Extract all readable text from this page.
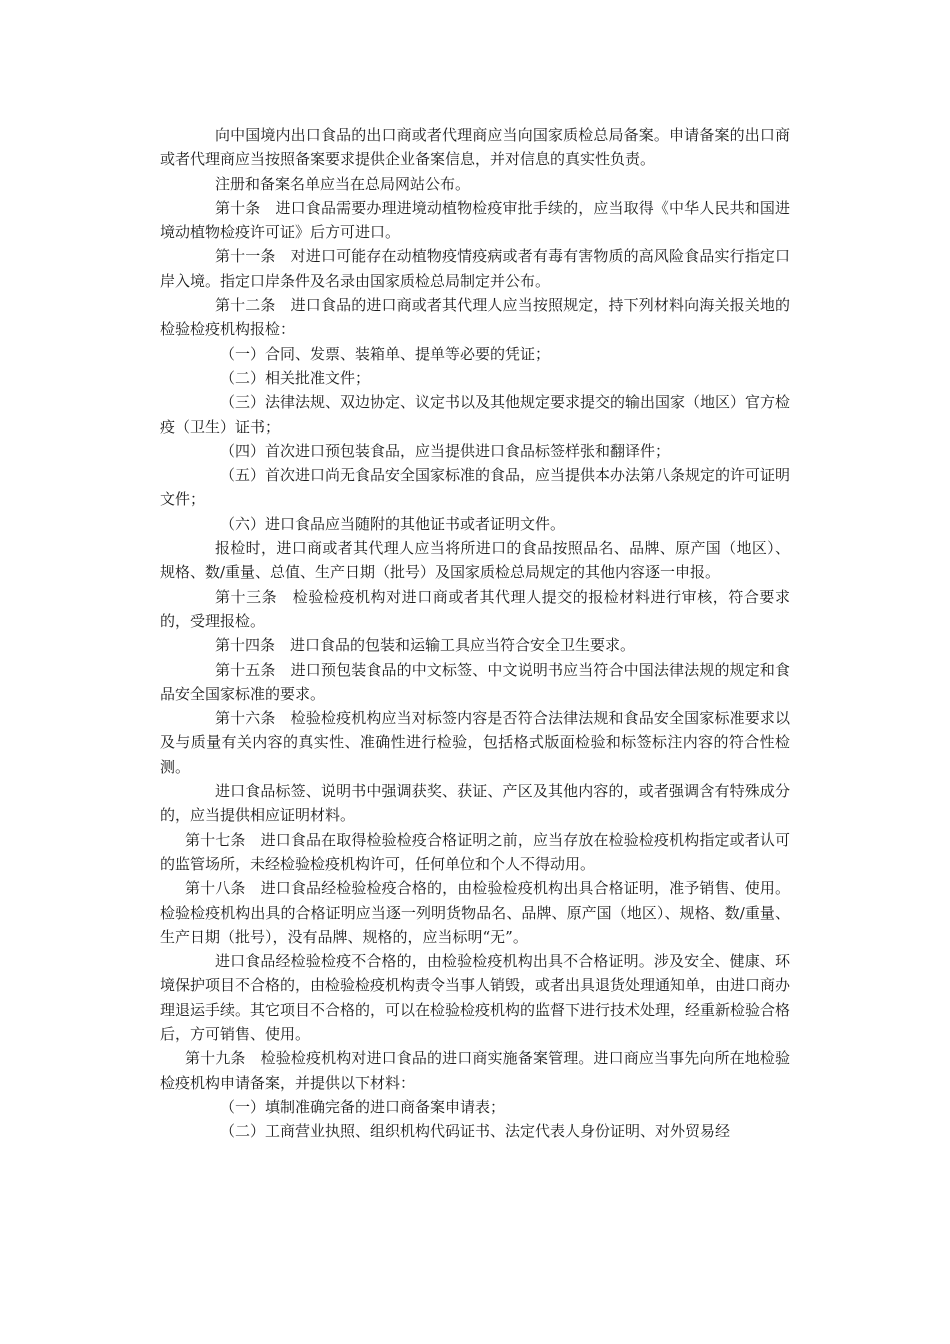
向中国境内出口食品的出口商或者代理商应当向国家质检总局备案。申请备案的出口商或者代理商应当按照备案要求提供企业备案信息，并对信息的真实性负责。

注册和备案名单应当在总局网站公布。

第十条　进口食品需要办理进境动植物检疫审批手续的，应当取得《中华人民共和国进境动植物检疫许可证》后方可进口。

第十一条　对进口可能存在动植物疫情疫病或者有毒有害物质的高风险食品实行指定口岸入境。指定口岸条件及名录由国家质检总局制定并公布。

第十二条　进口食品的进口商或者其代理人应当按照规定，持下列材料向海关报关地的检验检疫机构报检：

（一）合同、发票、装箱单、提单等必要的凭证；

（二）相关批准文件；

（三）法律法规、双边协定、议定书以及其他规定要求提交的输出国家（地区）官方检疫（卫生）证书；

（四）首次进口预包装食品，应当提供进口食品标签样张和翻译件；

（五）首次进口尚无食品安全国家标准的食品，应当提供本办法第八条规定的许可证明文件；

（六）进口食品应当随附的其他证书或者证明文件。

报检时，进口商或者其代理人应当将所进口的食品按照品名、品牌、原产国（地区）、规格、数/重量、总值、生产日期（批号）及国家质检总局规定的其他内容逐一申报。

第十三条　检验检疫机构对进口商或者其代理人提交的报检材料进行审核，符合要求的，受理报检。

第十四条　进口食品的包装和运输工具应当符合安全卫生要求。

第十五条　进口预包装食品的中文标签、中文说明书应当符合中国法律法规的规定和食品安全国家标准的要求。

第十六条　检验检疫机构应当对标签内容是否符合法律法规和食品安全国家标准要求以及与质量有关内容的真实性、准确性进行检验，包括格式版面检验和标签标注内容的符合性检测。

进口食品标签、说明书中强调获奖、获证、产区及其他内容的，或者强调含有特殊成分的，应当提供相应证明材料。

第十七条　进口食品在取得检验检疫合格证明之前，应当存放在检验检疫机构指定或者认可的监管场所，未经检验检疫机构许可，任何单位和个人不得动用。

第十八条　进口食品经检验检疫合格的，由检验检疫机构出具合格证明，准予销售、使用。检验检疫机构出具的合格证明应当逐一列明货物品名、品牌、原产国（地区）、规格、数/重量、生产日期（批号），没有品牌、规格的，应当标明“无”。

进口食品经检验检疫不合格的，由检验检疫机构出具不合格证明。涉及安全、健康、环境保护项目不合格的，由检验检疫机构责令当事人销毁，或者出具退货处理通知单，由进口商办理退运手续。其它项目不合格的，可以在检验检疫机构的监督下进行技术处理，经重新检验合格后，方可销售、使用。

第十九条　检验检疫机构对进口食品的进口商实施备案管理。进口商应当事先向所在地检验检疫机构申请备案，并提供以下材料：

（一）填制准确完备的进口商备案申请表；

（二）工商营业执照、组织机构代码证书、法定代表人身份证明、对外贸易经
